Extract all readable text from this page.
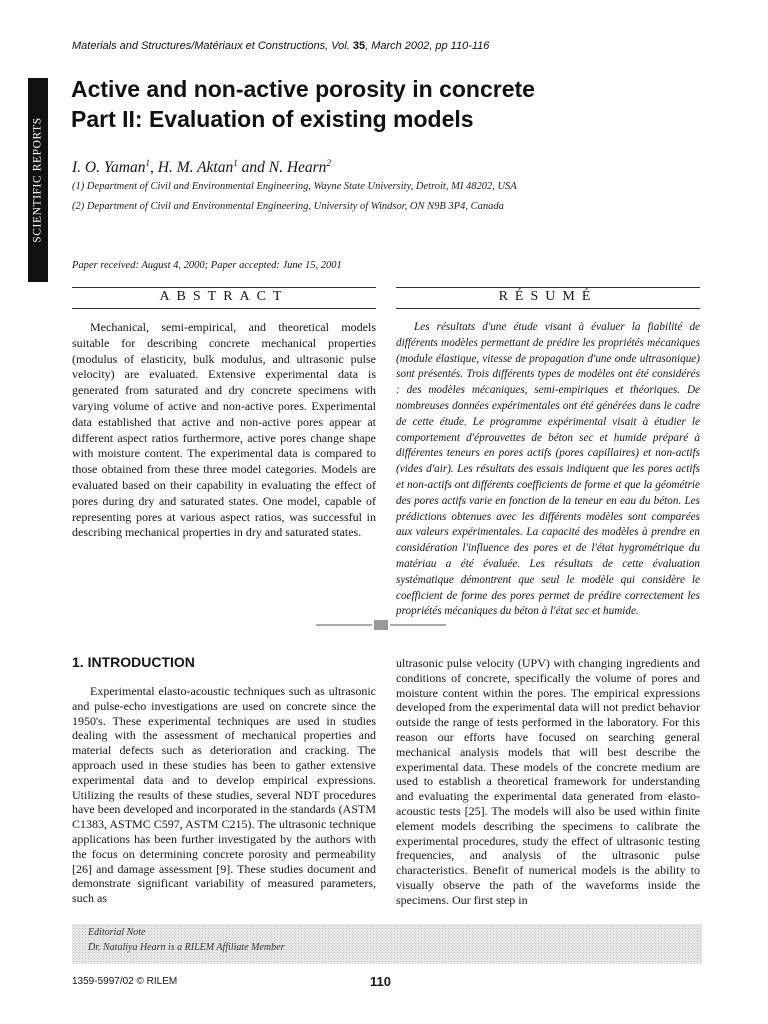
Materials and Structures/Matériaux et Constructions, Vol. 35, March 2002, pp 110-116
SCIENTIFIC REPORTS
Active and non-active porosity in concrete
Part II: Evaluation of existing models
I. O. Yaman$^1$, H. M. Aktan$^1$ and N. Hearn$^2$
(1) Department of Civil and Environmental Engineering, Wayne State University, Detroit, MI 48202, USA
(2) Department of Civil and Environmental Engineering, University of Windsor, ON N9B 3P4, Canada
Paper received: August 4, 2000; Paper accepted: June 15, 2001
ABSTRACT	RÉSUMÉ

Mechanical, semi-empirical, and theoretical models suitable for describing concrete mechanical properties (modulus of elasticity, bulk modulus, and ultrasonic pulse velocity) are evaluated. Extensive experimental data is generated from saturated and dry concrete specimens with varying volume of active and non-active pores. Experimental data established that active and non-active pores appear at different aspect ratios furthermore, active pores change shape with moisture content. The experimental data is compared to those obtained from these three model categories. Models are evaluated based on their capability in evaluating the effect of pores during dry and saturated states. One model, capable of representing pores at various aspect ratios, was successful in describing mechanical properties in dry and saturated states.

Les résultats d'une étude visant à évaluer la fiabilité de différents modèles permettant de prédire les propriétés mécaniques (module élastique, vitesse de propagation d'une onde ultrasonique) sont présentés. Trois différents types de modèles ont été considérés : des modèles mécaniques, semi-empiriques et théoriques. De nombreuses données expérimentales ont été générées dans le cadre de cette étude. Le programme expérimental visait à étudier le comportement d'éprouvettes de béton sec et humide préparé à différentes teneurs en pores actifs (pores capillaires) et non-actifs (vides d'air). Les résultats des essais indiquent que les pores actifs et non-actifs ont différents coefficients de forme et que la géométrie des pores actifs varie en fonction de la teneur en eau du béton. Les prédictions obtenues avec les différents modèles sont comparées aux valeurs expérimentales. La capacité des modèles à prendre en considération l'influence des pores et de l'état hygrométrique du matériau a été évaluée. Les résultats de cette évaluation systématique démontrent que seul le modèle qui considère le coefficient de forme des pores permet de prédire correctement les propriétés mécaniques du béton à l'état sec et humide.

1. INTRODUCTION

Experimental elasto-acoustic techniques such as ultrasonic and pulse-echo investigations are used on concrete since the 1950's. These experimental techniques are used in studies dealing with the assessment of mechanical properties and material defects such as deterioration and cracking. The approach used in these studies has been to gather extensive experimental data and to develop empirical expressions. Utilizing the results of these studies, several NDT procedures have been developed and incorporated in the standards (ASTM C1383, ASTMC C597, ASTM C215). The ultrasonic technique applications has been further investigated by the authors with the focus on determining concrete porosity and permeability [26] and damage assessment [9]. These studies document and demonstrate significant variability of measured parameters, such as

ultrasonic pulse velocity (UPV) with changing ingredients and conditions of concrete, specifically the volume of pores and moisture content within the pores. The empirical expressions developed from the experimental data will not predict behavior outside the range of tests performed in the laboratory. For this reason our efforts have focused on searching general mechanical analysis models that will best describe the experimental data. These models of the concrete medium are used to establish a theoretical framework for understanding and evaluating the experimental data generated from elasto-acoustic tests [25]. The models will also be used within finite element models describing the specimens to calibrate the experimental procedures, study the effect of ultrasonic testing frequencies, and analysis of the ultrasonic pulse characteristics. Benefit of numerical models is the ability to visually observe the path of the waveforms inside the specimens. Our first step in

Editorial Note
Dr. Nataliya Hearn is a RILEM Affiliate Member
1359-5997/02 © RILEM	110
